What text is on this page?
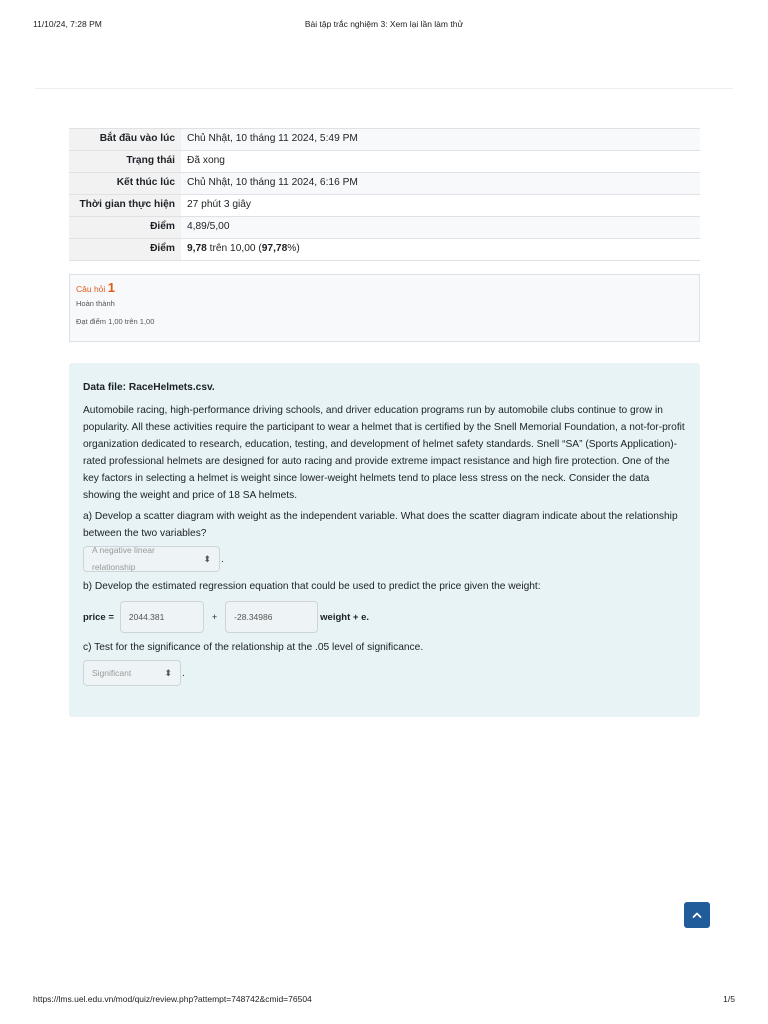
11/10/24, 7:28 PM	Bài tập trắc nghiệm 3: Xem lại lần làm thử
Bắt đầu vào lúc	Chủ Nhật, 10 tháng 11 2024, 5:49 PM
Trạng thái	Đã xong
Kết thúc lúc	Chủ Nhật, 10 tháng 11 2024, 6:16 PM
Thời gian thực hiện	27 phút 3 giây
Điểm	4,89/5,00
Điểm	9,78 trên 10,00 (97,78%)
Câu hỏi 1
Hoàn thành
Đạt điểm 1,00 trên 1,00
Data file: RaceHelmets.csv.

Automobile racing, high-performance driving schools, and driver education programs run by automobile clubs continue to grow in popularity. All these activities require the participant to wear a helmet that is certified by the Snell Memorial Foundation, a not-for-profit organization dedicated to research, education, testing, and development of helmet safety standards. Snell “SA” (Sports Application)-rated professional helmets are designed for auto racing and provide extreme impact resistance and high fire protection. One of the key factors in selecting a helmet is weight since lower-weight helmets tend to place less stress on the neck. Consider the data showing the weight and price of 18 SA helmets.

a) Develop a scatter diagram with weight as the independent variable. What does the scatter diagram indicate about the relationship between the two variables?

A negative linear relationship
⬍ .

b) Develop the estimated regression equation that could be used to predict the price given the weight:

price =	2044.381	+	-28.34986	weight + e.

c) Test for the significance of the relationship at the .05 level of significance.

Significant	⬍ .
https://lms.uel.edu.vn/mod/quiz/review.php?attempt=748742&cmid=76504	1/5
